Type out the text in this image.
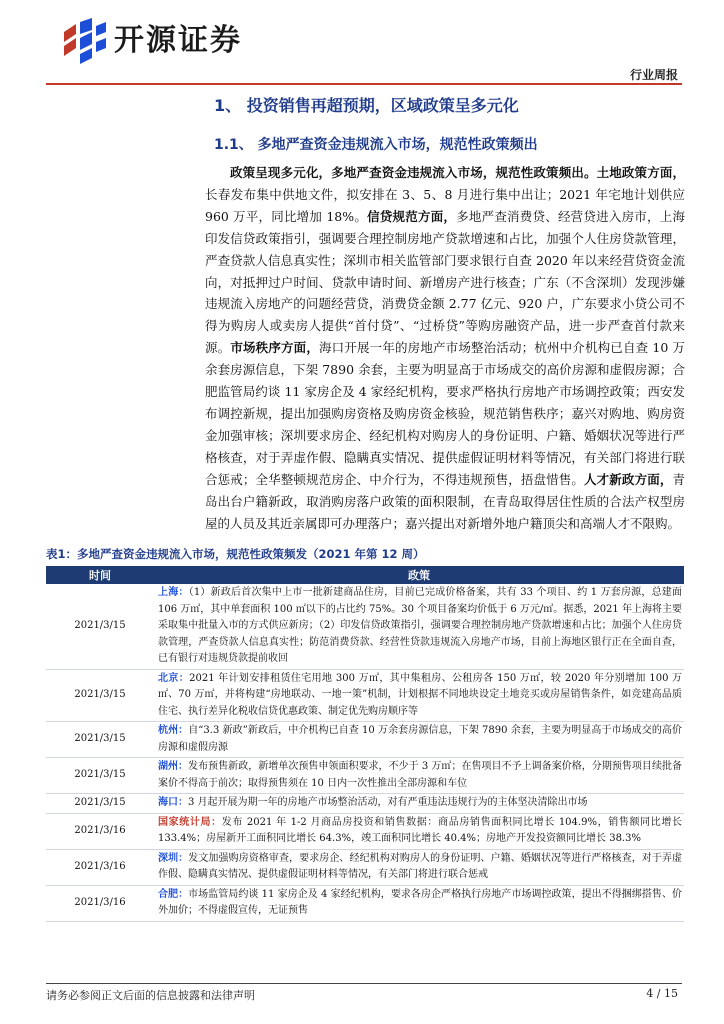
开源证券
行业周报
1、 投资销售再超预期，区域政策呈多元化
1.1、 多地严查资金违规流入市场，规范性政策频出
政策呈现多元化，多地严查资金违规流入市场，规范性政策频出。土地政策方面，长春发布集中供地文件，拟安排在 3、5、8 月进行集中出让；2021 年宅地计划供应 960 万平，同比增加 18%。信贷规范方面，多地严查消费贷、经营贷进入房市，上海印发信贷政策指引，强调要合理控制房地产贷款增速和占比，加强个人住房贷款管理，严查贷款人信息真实性；深圳市相关监管部门要求银行自查 2020 年以来经营贷资金流向，对抵押过户时间、贷款申请时间、新增房产进行核查；广东（不含深圳）发现涉嫌违规流入房地产的问题经营贷，消费贷金额 2.77 亿元、920 户，广东要求小贷公司不得为购房人或卖房人提供“首付贷”、“过桥贷”等购房融资产品，进一步严查首付款来源。市场秩序方面，海口开展一年的房地产市场整治活动；杭州中介机构已自查 10 万余套房源信息，下架 7890 余套，主要为明显高于市场成交的高价房源和虚假房源；合肥监管局约谈 11 家房企及 4 家经纪机构，要求严格执行房地产市场调控政策；西安发布调控新规，提出加强购房资格及购房资金核验，规范销售秩序；嘉兴对购地、购房资金加强审核；深圳要求房企、经纪机构对购房人的身份证明、户籍、婚姻状况等进行严格核查，对于弄虚作假、隐瞒真实情况、提供虚假证明材料等情况，有关部门将进行联合惩戒；全华整顿规范房企、中介行为，不得违规预售，捂盘惜售。人才新政方面，青岛出台户籍新政，取消购房落户政策的面积限制，在青岛取得居住性质的合法产权型房屋的人员及其近亲属即可办理落户；嘉兴提出对新增外地户籍顶尖和高端人才不限购。
表1：多地严查资金违规流入市场，规范性政策频发（2021 年第 12 周）
时间	政策
2021/3/15	上海：（1）新政后首次集中上市一批新建商品住房，目前已完成价格备案，共有 33 个项目、约 1 万套房源，总建面 106 万㎡，其中单套面积 100 ㎡以下的占比约 75%。30 个项目备案均价低于 6 万元/㎡。据悉，2021 年上海将主要采取集中批量入市的方式供应新房；（2）印发信贷政策指引，强调要合理控制房地产贷款增速和占比；加强个人住房贷款管理，严查贷款人信息真实性；防范消费贷款、经营性贷款违规流入房地产市场，目前上海地区银行正在全面自查，已有银行对违规贷款提前收回
2021/3/15	北京：2021 年计划安排租赁住宅用地 300 万㎡，其中集租房、公租房各 150 万㎡，较 2020 年分别增加 100 万㎡、70 万㎡，并将构建“房地联动、一地一策”机制，计划根据不同地块设定土地竞买或房屋销售条件，如竞建高品质住宅、执行差异化税收信贷优惠政策、制定优先购房顺序等
2021/3/15	杭州：自“3.3 新政”新政后，中介机构已自查 10 万余套房源信息，下架 7890 余套，主要为明显高于市场成交的高价房源和虚假房源
2021/3/15	湖州：发布预售新政，新增单次预售申领面积要求，不少于 3 万㎡；在售项目不予上调备案价格，分期预售项目续批备案价不得高于前次；取得预售须在 10 日内一次性推出全部房源和车位
2021/3/15	海口：3 月起开展为期一年的房地产市场整治活动，对有严重违法违规行为的主体坚决清除出市场
2021/3/16	国家统计局：发布 2021 年 1-2 月商品房投资和销售数据：商品房销售面积同比增长 104.9%，销售额同比增长 133.4%；房屋新开工面积同比增长 64.3%，竣工面积同比增长 40.4%；房地产开发投资额同比增长 38.3%
2021/3/16	深圳：发文加强购房资格审查，要求房企、经纪机构对购房人的身份证明、户籍、婚姻状况等进行严格核查，对于弄虚作假、隐瞒真实情况、提供虚假证明材料等情况，有关部门将进行联合惩戒
2021/3/16	合肥：市场监管局约谈 11 家房企及 4 家经纪机构，要求各房企严格执行房地产市场调控政策，提出不得捆绑搭售、价外加价；不得虚假宣传，无证预售
请务必参阅正文后面的信息披露和法律声明	4 / 15
